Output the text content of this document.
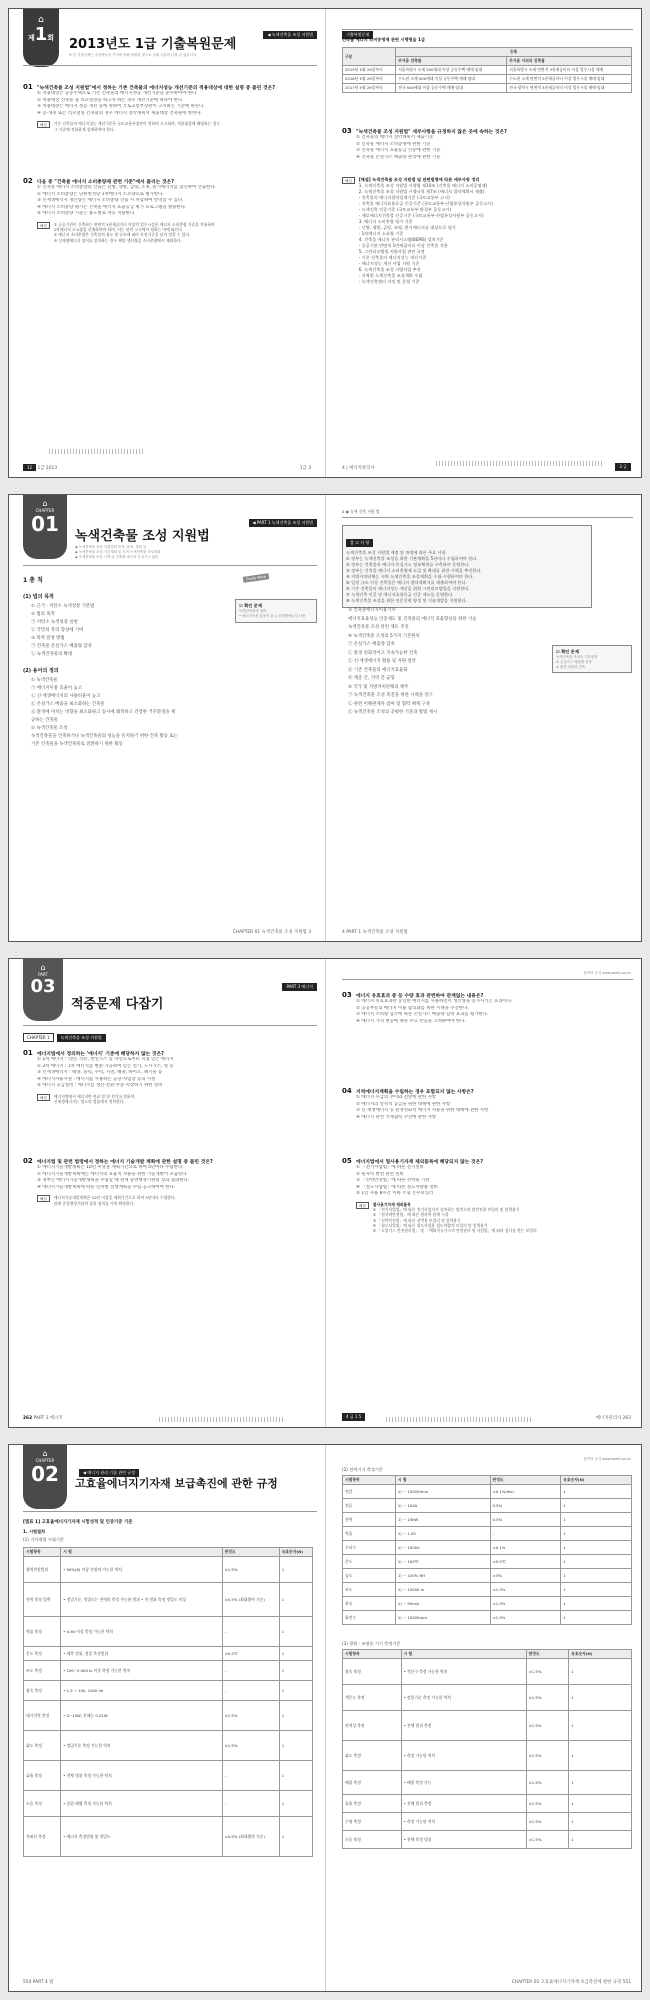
⌂
제1회	◀ 녹색건축물 조성 지원법
2013년도 1급 기출복원문제
※ 본 기출문제는 수험생들의 기억에 의해 복원된 것으로 실제 시험과 다를 수 있습니다.
01 "녹색건축물 조성 지원법"에서 정하는 기존 건축물의 에너지성능 개선기준의 적용대상에 대한 설명 중 틀린 것은?
① 적용대상은 공동주택으로 기존 건축물의 에너지성능 개선기준을 준수하여야 한다.
② 적용대상 건축물 중 리모델링을 하고자 하는 경우 개선기준에 따라야 한다.
③ 적용대상은 에너지 성능 개선 등에 관하여 국토교통부장관이 고시하는 기준에 따른다.
④ 증·개축 또는 리모델링 건축물의 경우 에너지 절약계획서 제출대상 건축물에 한한다.
해설	기존 건축물의 에너지성능 개선기준은 국토교통부장관이 정하여 고시하며, 적용대상에 해당하는 경우
그 기준에 적합하게 설계하여야 한다.
02 다음 중 "건축물 에너지 소비총량제 관련 기준"에서 틀리는 것은?
① 건축물 에너지 소비총량의 산출은 난방, 냉방, 급탕, 조명, 환기에너지를 합산하여 산출한다.
② 에너지 소비총량은 단위면적당 1차에너지 소요량으로 평가한다.
③ 신재생에너지 생산량은 에너지 소비총량 산출 시 차감하여 반영할 수 있다.
④ 에너지 소비총량 평가는 건축물 에너지 효율등급 평가 프로그램을 활용한다.
⑤ 에너지 소비총량 기준은 용도별로 차등 적용한다.
해설	① 공공기관이 신축하는 연면적 3천제곱미터 이상의 업무시설은 에너지 소비총량 기준을 적용하여
1차에너지 소요량을 산출하여야 하며, 이는 관련 고시에서 정하는 바에 따른다.
② 에너지 소비총량은 건축물의 용도 및 규모에 따라 산정기준을 달리 정할 수 있다.
③ 신재생에너지 설비를 설치하는 경우 해당 생산량을 소비총량에서 제외한다.
12 1급 2013	1급 3
기출복원문제
건축물 에너지 소비증명제 관련 시행령을 1급
구분	등록	
	주거용 건축물	주거용 이외의 건축물
2015년 5월 29일부터	서울특별시 소재 500세대 이상 공동주택 매매·임대	서울특별시 소재 연면적 3천제곱미터 이상 업무시설 매매
2016년 5월 29일부터	수도권 소재 500세대 이상 공동주택 매매·임대	수도권 소재 연면적 3천제곱미터 이상 업무시설 매매·임대
2017년 5월 29일부터	전국 500세대 이상 공동주택 매매·임대	전국 광역시 연면적 3천제곱미터 이상 업무시설 매매·임대
03 "녹색건축물 조성 지원법" 세부사항을 규정하지 않은 곳에 속하는 것은?
① 건축물의 에너지 절약계획서 제출기준
② 건축물 에너지 소비증명에 관한 기준
③ 건축물 에너지 효율등급 인증에 관한 기준
④ 건축물 온실가스 배출량 관리에 관한 기준
해설	[해설] 녹색건축물 조성 지원법 및 관련법령에 따른 세부사항 정리
1. 녹색건축물 조성 지원법 시행령 제10조 (건축물 에너지 소비증명제)
2. 녹색건축물 조성 지원법 시행규칙 제7조 (에너지 절약계획서 제출)
- 건축물의 에너지절약설계기준 (국토교통부 고시)
- 건축물 에너지효율등급 인증기준 (국토교통부·산업통상자원부 공동고시)
- 녹색건축 인증기준 (국토교통부·환경부 공동고시)
- 제로에너지건축물 인증기준 (국토교통부·산업통상자원부 공동고시)
3. 에너지 소비총량 평가 기준
- 난방, 냉방, 급탕, 조명, 환기에너지를 대상으로 평가
- 1차에너지 소요량 기준
4. 건축물 에너지 관리시스템(BEMS) 설치기준
- 공공기관 연면적 1만제곱미터 이상 건축물 적용
5. 그린리모델링 지원사업 관련 규정
- 기존 건축물의 에너지성능 개선기준
- 에너지성능 개선 사업 지원 기준
6. 녹색건축물 조성 시범사업 추진
- 지역별 녹색건축물 조성계획 수립
- 녹색건축센터 지정 및 운영 기준
4 | 에너지관리사	3 급
⌂
CHAPTER
01	◀ PART 1 녹색건축물 조성 지원법
녹색건축물 조성 지원법
◆ 녹색건축물 조성 지원법의 목적, 용어, 정의 등
◆ 녹색건축물 조성 기본계획 및 지역 녹색건축물 조성계획
◆ 녹색건축물 조성 시책 및 건축물 에너지·온실가스 관리
1 총 칙
(1) 법의 목적
① 근거 : 저탄소 녹색성장 기본법
② 법의 목적
㉠ 저탄소 녹색성장 실현
㉡ 국민의 복리 향상에 기여
③ 목적 달성 방법
㉠ 건축물 온실가스 배출량 감축
㉡ 녹색건축물의 확대
(2) 용어의 정의
① 녹색건축물
㉠ 에너지이용 효율이 높고
㉡ 신·재생에너지의 사용비율이 높고
㉢ 온실가스 배출을 최소화하는 건축물
㉣ 환경에 미치는 영향을 최소화하고 동시에 쾌적하고 건강한 거주환경을 제
공하는 건축물
② 녹색건축물 조성
녹색건축물을 건축하거나 녹색건축물의 성능을 유지하기 위한 건축 활동 또는
기존 건축물을 녹색건축물로 전환하기 위한 활동
☑ 확인 문제
녹색건축물의 정의
• 에너지이용 효율이 높고 신재생에너지 사용
Study Note
CHAPTER 01 녹색건축물 조성 지원법 3
4 ◉ 녹색 건축 지원 법
참 고 사 항
녹색건축물 조성 지원법 제정 및 개정에 따른 주요 사항
① 정부는 녹색건축물 조성을 위한 기본계획을 5년마다 수립하여야 한다.
② 정부는 건축물의 에너지·온실가스 정보체계를 구축하여 운영한다.
③ 정부는 건축물 에너지 소비총량제 도입 및 확대를 위한 시책을 추진한다.
④ 지방자치단체는 지역 녹색건축물 조성계획을 수립·시행하여야 한다.
⑤ 일정 규모 이상 건축물은 에너지 절약계획서를 제출하여야 한다.
⑥ 기존 건축물의 에너지성능 개선을 위한 그린리모델링을 지원한다.
⑦ 녹색건축 인증 및 에너지효율등급 인증 제도를 운영한다.
⑧ 녹색건축물 조성을 위한 전문인력 양성 및 기술개발을 지원한다.
③ 건축물에너지이용기수
에너지효율성능 인증제도 및 건축물의 에너지 효율향상을 위한 기술
녹색건축물 조성 관련 제도 추진
④ 녹색건축물 조성의 5가지 기본원칙
㉠ 온실가스 배출량 감축
㉡ 환경 친화적이고 지속가능한 건축
㉢ 신·재생에너지 활용 및 자원 절약
㉣ 기존 건축물의 에너지효율화
㉤ 계층 간, 지역 간 균형
⑤ 국가 및 지방자치단체의 책무
㉠ 녹색건축물 조성 촉진을 위한 시책을 강구
㉡ 관련 이해관계자 참여 및 협력 체계 구축
㉢ 녹색건축물 조성의 공평한 기준과 방법 제시
☑ 확인 문제
녹색건축물 조성의 기본원칙
① 온실가스 배출량 감축
② 환경 친화적 건축
4 PART 1 녹색건축물 조성 지원법
⌂
PART
03	PART 3 에너지
적중문제 다잡기
CHAPTER 1	녹색건축물 조성 지원법
01 에너지법에서 정의하는 '에너지' 기준에 해당하지 않는 것은?
① 1차 에너지 : 석탄, 석유, 천연가스 등 자연으로부터 직접 얻는 에너지
② 2차 에너지 : 1차 에너지를 변환·가공하여 얻는 전기, 도시가스, 열 등
③ 신재생에너지 : 태양, 풍력, 수력, 지열, 해양, 바이오, 폐기물 등
④ 에너지사용시설 : 에너지를 사용하는 공장·사업장 등의 시설
⑤ 에너지 공급설비 : 에너지를 생산·전환·수송·저장하기 위한 설비
해설	에너지법에서 에너지란 연료·열 및 전기를 말하며,
신재생에너지는 별도의 법률에서 정의한다.
02 에너지법 및 관련 법령에서 정하는 에너지 기술개발 계획에 관한 설명 중 틀린 것은?
① 에너지기술개발계획은 10년 이상을 계획기간으로 하여 5년마다 수립한다.
② 에너지기술개발계획에는 에너지의 효율적 사용을 위한 기술개발이 포함된다.
③ 정부는 에너지기술개발계획을 수립할 때 관계 중앙행정기관의 장과 협의한다.
④ 에너지기술개발계획에 따른 연차별 실행계획을 수립·공고하여야 한다.
해설	에너지기술개발계획은 10년 이상을 계획기간으로 하여 5년마다 수립한다.
관계 중앙행정기관의 장과 협의를 거쳐 확정한다.
262 PART 3 에너지
합격의 공식 www.sdedu.co.kr
03 에너지 유효효과 중 등 수량 효과 관련하여 관계없는 내용은?
① 에너지 유효효과란 동일한 에너지를 사용하면서 생산량을 증가시키는 효과이다.
② 공공부문의 에너지 이용 합리화를 위한 시책을 추진한다.
③ 에너지 소비량 감소에 따른 온실가스 배출량 감축 효과를 평가한다.
④ 에너지 가격 변동에 따른 수요 반응을 고려하여야 한다.
04 지역에너지계획을 수립하는 경우 포함되지 않는 사항은?
① 에너지 수급의 추이와 전망에 관한 사항
② 에너지의 안정적 공급을 위한 대책에 관한 사항
③ 신·재생에너지 등 환경친화적 에너지 사용을 위한 대책에 관한 사항
④ 에너지 관련 국제협력 추진에 관한 사항
05 에너지법에서 열사용기자재 제외품목에 해당되지 않는 것은?
① 「전기사업법」에 따른 전기설비
② 원자력 발전 관련 설비
③ 「선박안전법」에 따른 선박용 기관
④ 「철도사업법」에 따른 철도차량용 설비
⑤ 1일 사용 8시간 이하 소형 온수보일러
해설	열사용기자재 제외품목
① 「전기사업법」에 따른 전기사업자가 설치하는 발전소의 발전전용 보일러 및 압력용기
② 「원자력안전법」에 따른 원자력 관계 시설
③ 「선박안전법」에 따른 선박용 보일러 및 압력용기
④ 「철도사업법」에 따른 철도사업용 철도차량의 보일러 및 압력용기
⑤ 「고압가스 안전관리법」 및 「액화석유가스의 안전관리 및 사업법」에 따라 검사를 받는 보일러
4 급 1 5	에너지관리사 263
⌂
CHAPTER
02	◀ 에너지 관리 기술 관련 규정
고효율에너지기자재 보급촉진에 관한 규정
[별표 1] 고효율에너지기자재 시험성적 및 인증기준 기준
1. 시험절차
(1) 기자재별 시험기준
시험항목	시 험	판정도	유효숫자(N)
출력전원범위	• 90%(8) 이상 전원의 가능한 역치	±1.5%	1
전력 측정 입력	• 정밀기준, 정밀도는 전력의 측정 가능한 범위 • 전 범위 측정 정밀도 이상	±0.5% (최대출력 기준)	1
역률 측정	• 0.90 이상 측정 가능한 역치	-	1
온도 측정	• 계측 범위, 정밀 측정범위	±0.5℃	1
조도 측정	• 100~2,000 lx 이상 측정 가능한 역치	-	1
광속 측정	• 1.5 ~ 10k, 1000 lm	-	1
대기전력 측정	• 0~10W, 분해능 0.01W	±1.5%	1
휘도 측정	• 정밀기준 측정 가능한 역치	±1.5%	1
효율 측정	• 전체 범위 측정 가능한 역치	-	1
소음 측정	• 음압 레벨 측정 가능한 역치	-	1
적외선 측정	• 에너지 측정범위 및 정밀도	±0.5% (최대출력 기준)	1
550 PART 4 법
합격의 공식 www.sdedu.co.kr
(2) 전력기기 측정기준
시험항목	시 험	판정도	유효숫자(N)
전압	1) ~ 1000V/min	±0.1%/min	1
전류	1) ~ 100A	0.5%	1
전력	1) ~ 10kW	0.5%	1
역률	1) ~ 1.00	-	1
주파수	1) ~ 100Hz	±0.1%	1
온도	1) ~ 100℃	±0.5℃	1
습도	1) ~ 100% RH	±3%	1
조도	1) ~ 10000 lx	±1.5%	1
풍속	1) ~ 50m/s	±1.5%	1
회전수	1) ~ 10000rpm	±1.5%	1
(3) 광원 · 조명용 기기 측정기준
시험항목	시 험	판정도	유효숫자(N)
광속 측정	• 적분구 측정 가능한 역치	±1.5%	1
색온도 측정	• 정밀기준 측정 가능한 역치	±1.5%	1
연색성 측정	• 전체 범위 측정	±1.5%	1
휘도 측정	• 측정 가능한 역치	±1.5%	1
배광 측정	• 배광 측정 가능	±1.5%	1
효율 측정	• 전체 범위 측정	±1.5%	1
수명 측정	• 측정 가능한 역치	±1.5%	1
소음 측정	• 전체 측정 범위	±1.5%	1
CHAPTER 02 고효율에너지기자재 보급촉진에 관한 규정 551
